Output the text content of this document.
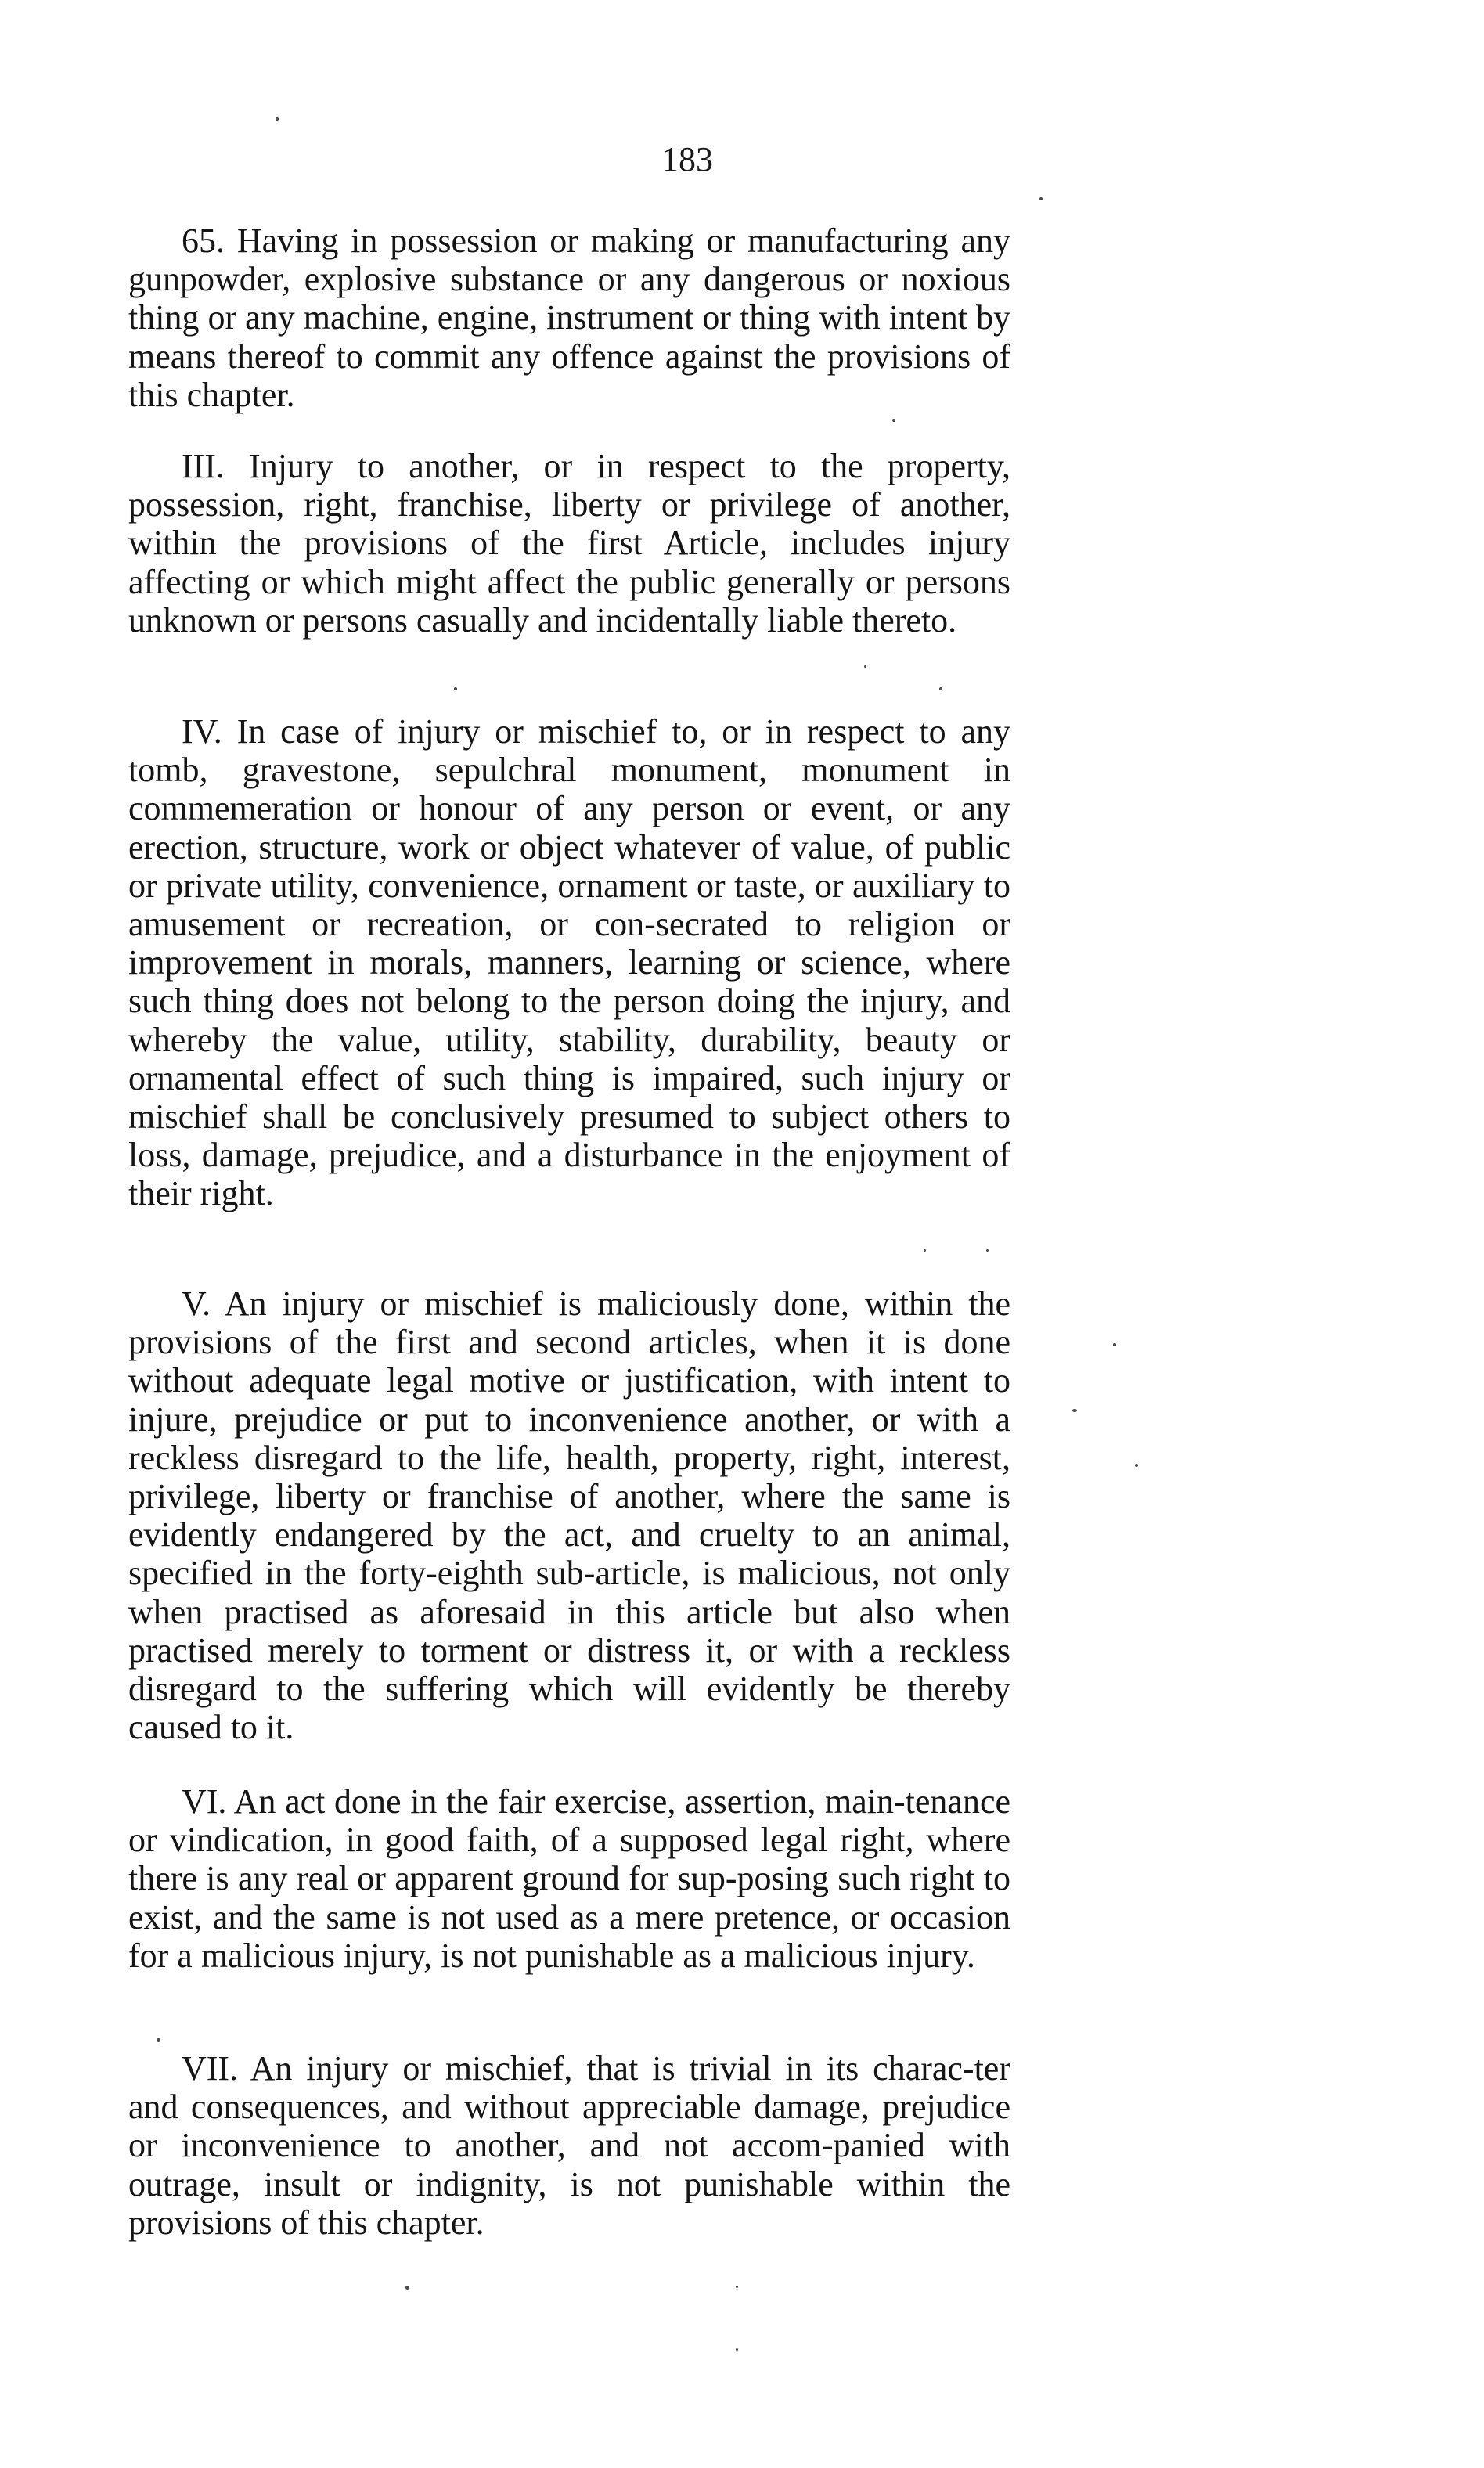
183

65. Having in possession or making or manufacturing any gunpowder, explosive substance or any dangerous or noxious thing or any machine, engine, instrument or thing with intent by means thereof to commit any offence against the provisions of this chapter.

III. Injury to another, or in respect to the property, possession, right, franchise, liberty or privilege of another, within the provisions of the first Article, includes injury affecting or which might affect the public generally or persons unknown or persons casually and incidentally liable thereto.

IV. In case of injury or mischief to, or in respect to any tomb, gravestone, sepulchral monument, monument in commemeration or honour of any person or event, or any erection, structure, work or object whatever of value, of public or private utility, convenience, ornament or taste, or auxiliary to amusement or recreation, or con-secrated to religion or improvement in morals, manners, learning or science, where such thing does not belong to the person doing the injury, and whereby the value, utility, stability, durability, beauty or ornamental effect of such thing is impaired, such injury or mischief shall be conclusively presumed to subject others to loss, damage, prejudice, and a disturbance in the enjoyment of their right.

V. An injury or mischief is maliciously done, within the provisions of the first and second articles, when it is done without adequate legal motive or justification, with intent to injure, prejudice or put to inconvenience another, or with a reckless disregard to the life, health, property, right, interest, privilege, liberty or franchise of another, where the same is evidently endangered by the act, and cruelty to an animal, specified in the forty-eighth sub-article, is malicious, not only when practised as aforesaid in this article but also when practised merely to torment or distress it, or with a reckless disregard to the suffering which will evidently be thereby caused to it.

VI. An act done in the fair exercise, assertion, main-tenance or vindication, in good faith, of a supposed legal right, where there is any real or apparent ground for sup-posing such right to exist, and the same is not used as a mere pretence, or occasion for a malicious injury, is not punishable as a malicious injury.

VII. An injury or mischief, that is trivial in its charac-ter and consequences, and without appreciable damage, prejudice or inconvenience to another, and not accom-panied with outrage, insult or indignity, is not punishable within the provisions of this chapter.
